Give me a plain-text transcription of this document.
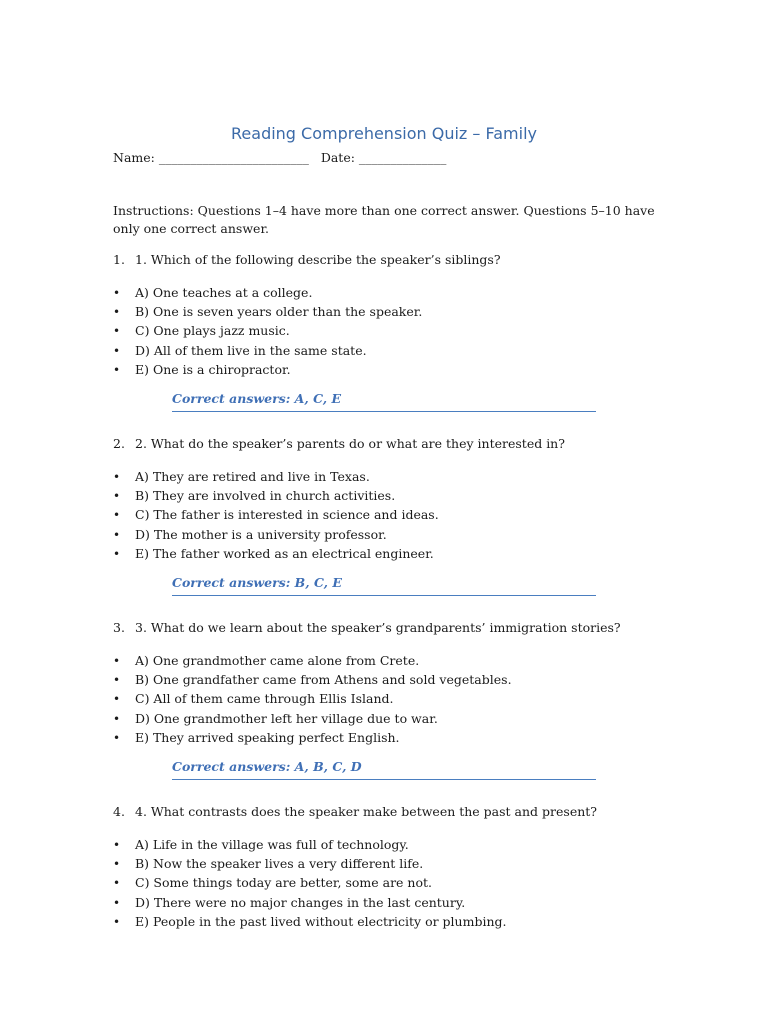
Reading Comprehension Quiz – Family
Name: ________________________ Date: ______________
Instructions: Questions 1–4 have more than one correct answer. Questions 5–10 have only one correct answer.
1. 1. Which of the following describe the speaker’s siblings?
• A) One teaches at a college.
• B) One is seven years older than the speaker.
• C) One plays jazz music.
• D) All of them live in the same state.
• E) One is a chiropractor.
Correct answers: A, C, E
2. 2. What do the speaker’s parents do or what are they interested in?
• A) They are retired and live in Texas.
• B) They are involved in church activities.
• C) The father is interested in science and ideas.
• D) The mother is a university professor.
• E) The father worked as an electrical engineer.
Correct answers: B, C, E
3. 3. What do we learn about the speaker’s grandparents’ immigration stories?
• A) One grandmother came alone from Crete.
• B) One grandfather came from Athens and sold vegetables.
• C) All of them came through Ellis Island.
• D) One grandmother left her village due to war.
• E) They arrived speaking perfect English.
Correct answers: A, B, C, D
4. 4. What contrasts does the speaker make between the past and present?
• A) Life in the village was full of technology.
• B) Now the speaker lives a very different life.
• C) Some things today are better, some are not.
• D) There were no major changes in the last century.
• E) People in the past lived without electricity or plumbing.
